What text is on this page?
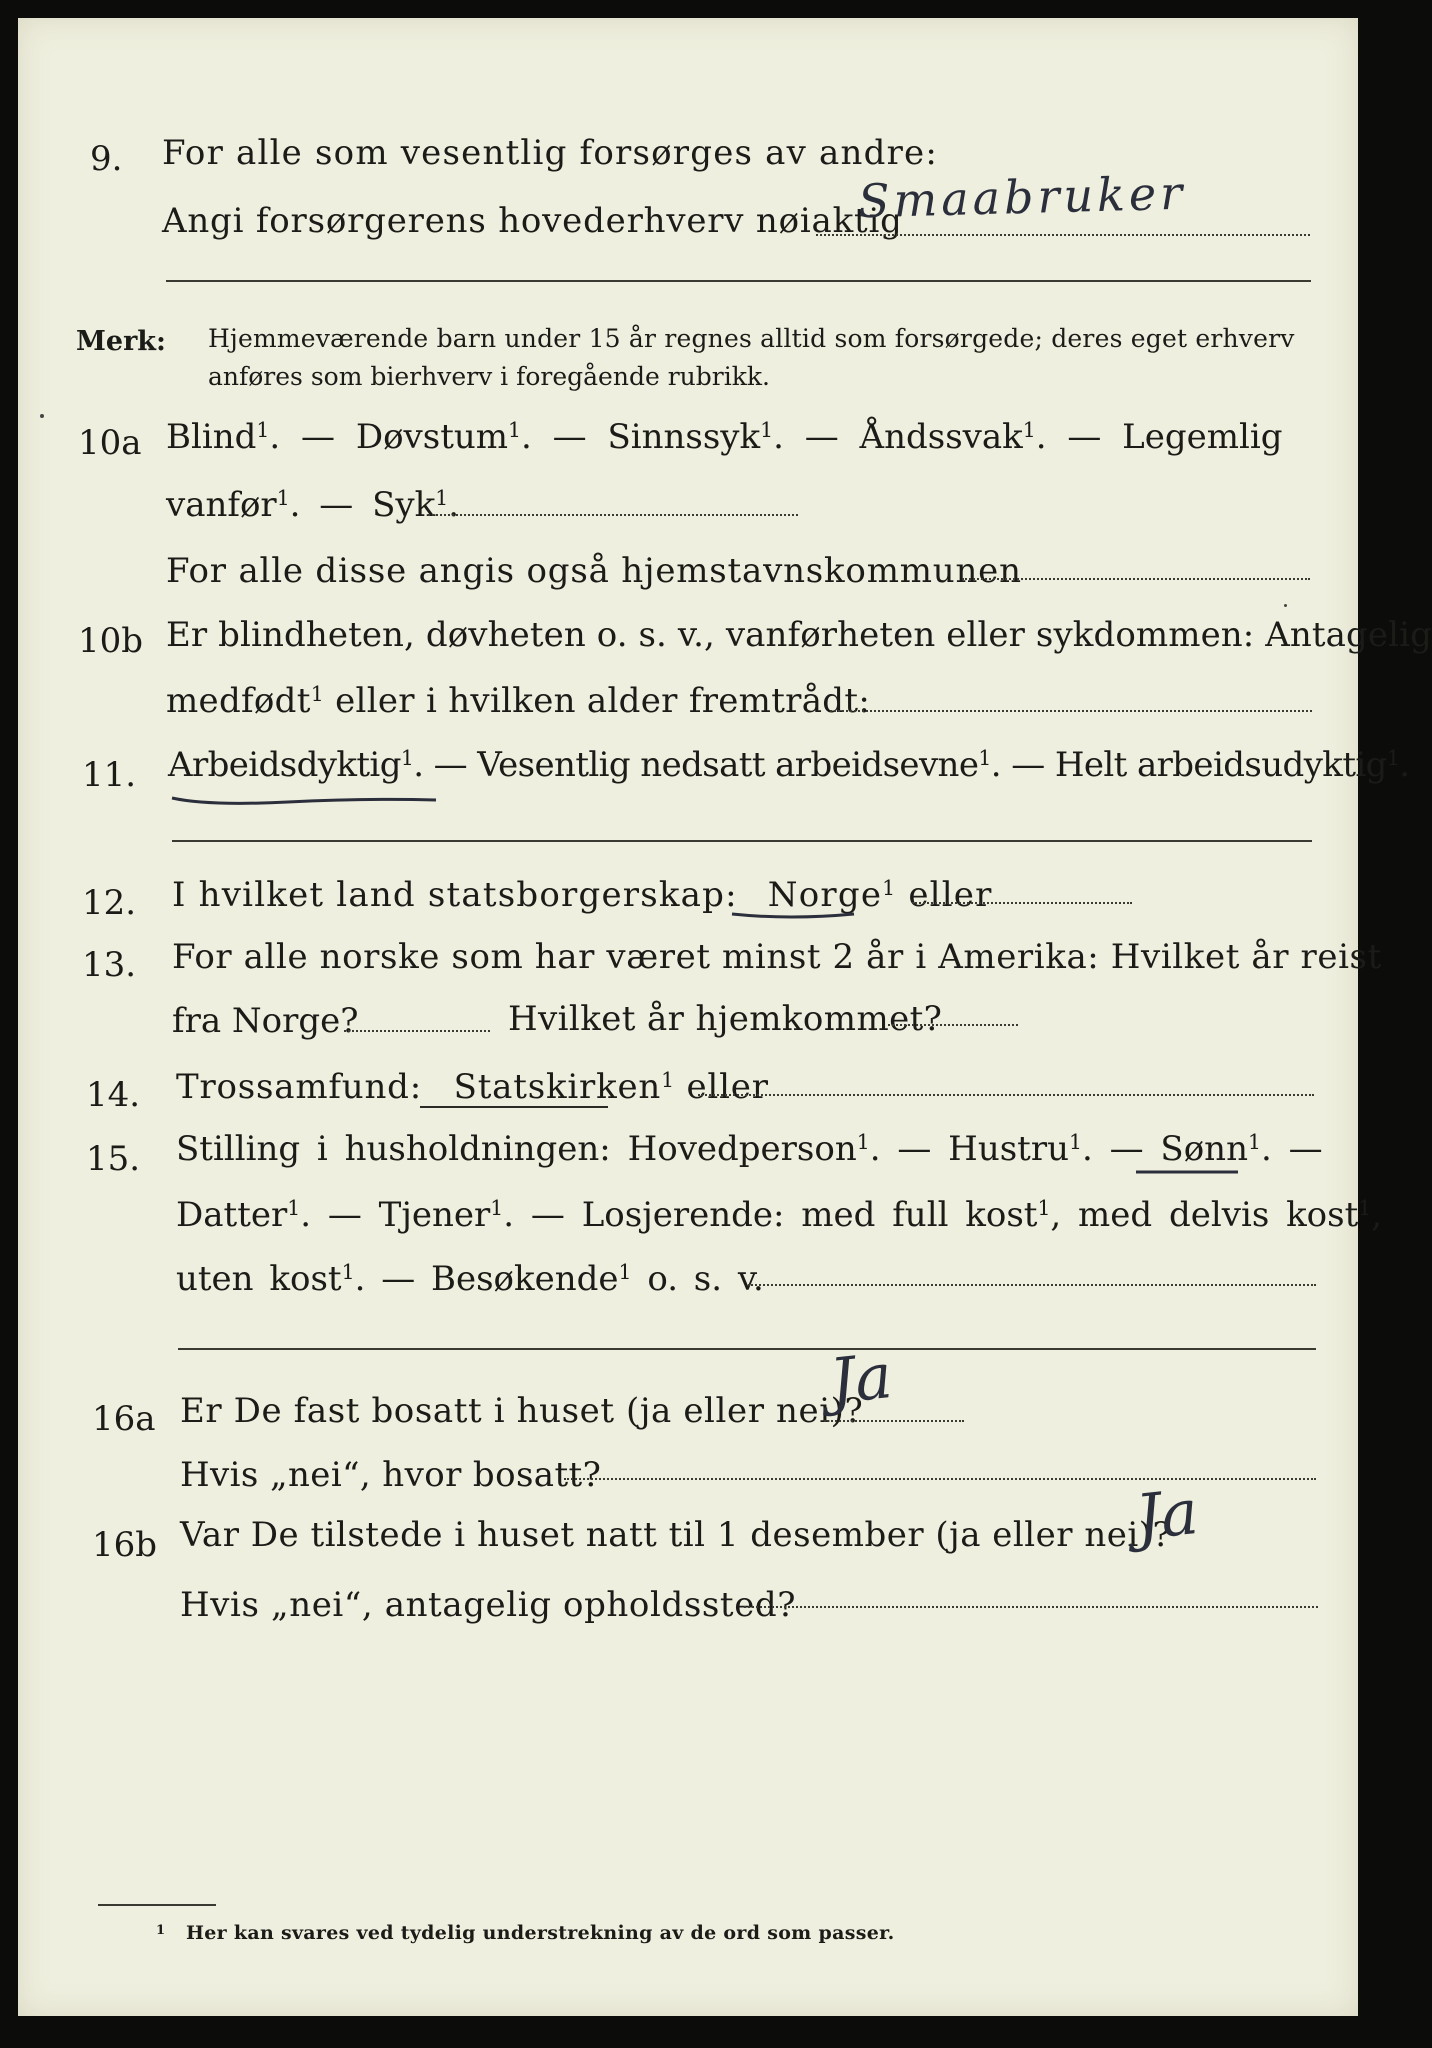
9. For alle som vesentlig forsørges av andre:
Angi forsørgerens hovederhverv nøiaktig
Smaabruker
Merk: Hjemmeværende barn under 15 år regnes alltid som forsørgede; deres eget erhverv
anføres som bierhverv i foregående rubrikk.
10a Blind$^1$. — Døvstum$^1$. — Sinnssyk$^1$. — Åndssvak$^1$. — Legemlig
vanfør$^1$. — Syk$^1$.
For alle disse angis også hjemstavnskommunen
10b Er blindheten, døvheten o. s. v., vanførheten eller sykdommen: Antagelig
medfødt$^1$ eller i hvilken alder fremtrådt:
11. Arbeidsdyktig$^1$. — Vesentlig nedsatt arbeidsevne$^1$. — Helt arbeidsudyktig$^1$.
12. I hvilket land statsborgerskap: Norge$^1$ eller
13. For alle norske som har været minst 2 år i Amerika: Hvilket år reist
fra Norge?	Hvilket år hjemkommet?
14. Trossamfund: Statskirken$^1$ eller
15. Stilling i husholdningen: Hovedperson$^1$. — Hustru$^1$. — Sønn$^1$. —
Datter$^1$. — Tjener$^1$. — Losjerende: med full kost$^1$, med delvis kost$^1$,
uten kost$^1$. — Besøkende$^1$ o. s. v.
16a Er De fast bosatt i huset (ja eller nei)?
Ja
Hvis „nei“, hvor bosatt?
16b Var De tilstede i huset natt til 1 desember (ja eller nei)?
Ja
Hvis „nei“, antagelig opholdssted?
1 Her kan svares ved tydelig understrekning av de ord som passer.
